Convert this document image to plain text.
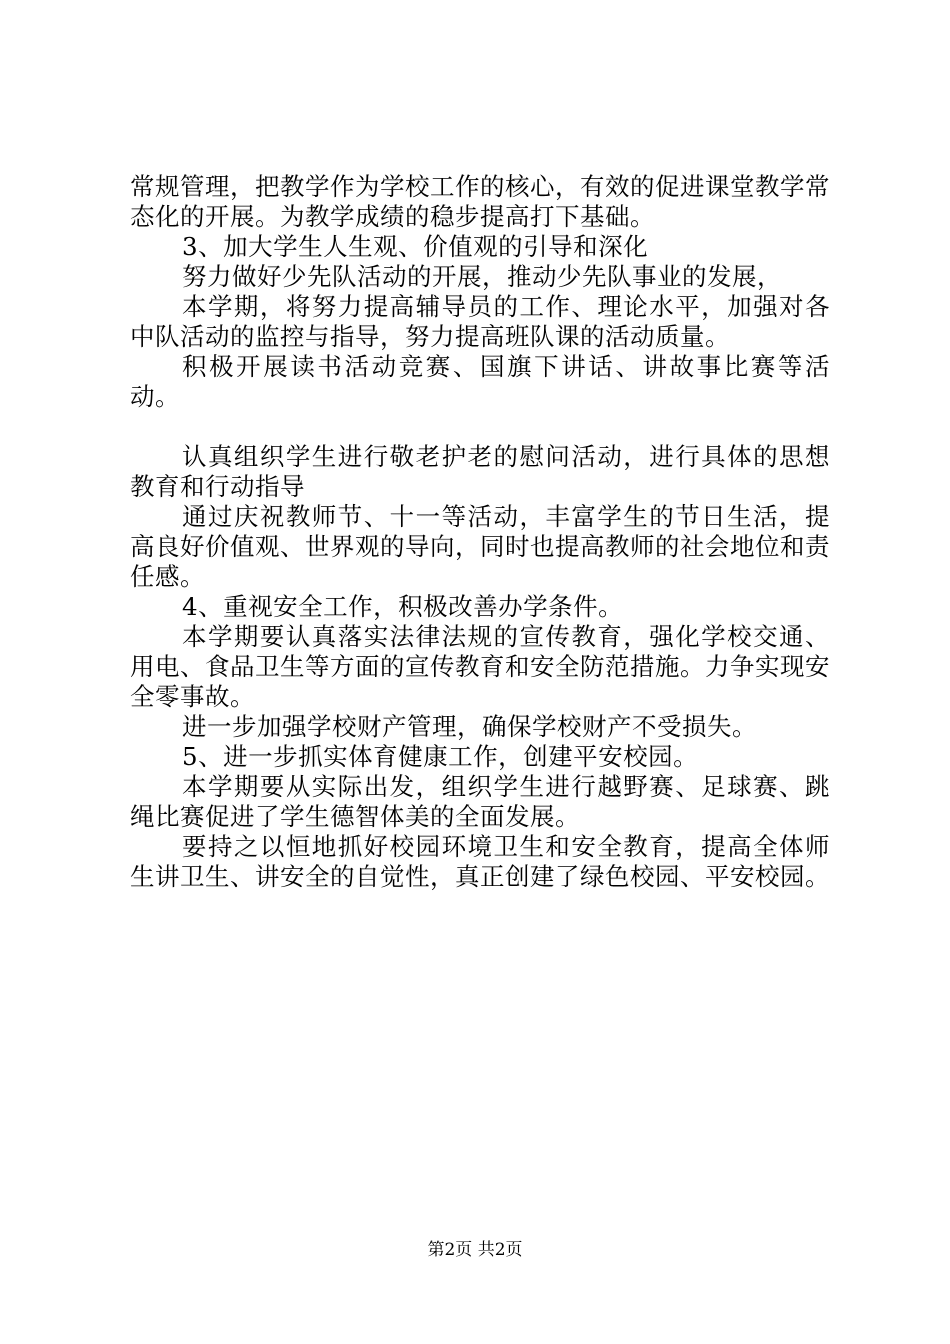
常规管理，把教学作为学校工作的核心，有效的促进课堂教学常态化的开展。为教学成绩的稳步提高打下基础。

3、加大学生人生观、价值观的引导和深化

努力做好少先队活动的开展，推动少先队事业的发展，

本学期，将努力提高辅导员的工作、理论水平，加强对各中队活动的监控与指导，努力提高班队课的活动质量。

积极开展读书活动竞赛、国旗下讲话、讲故事比赛等活动。

认真组织学生进行敬老护老的慰问活动，进行具体的思想教育和行动指导

通过庆祝教师节、十一等活动，丰富学生的节日生活，提高良好价值观、世界观的导向，同时也提高教师的社会地位和责任感。

4、重视安全工作，积极改善办学条件。

本学期要认真落实法律法规的宣传教育，强化学校交通、用电、食品卫生等方面的宣传教育和安全防范措施。力争实现安全零事故。

进一步加强学校财产管理，确保学校财产不受损失。

5、进一步抓实体育健康工作，创建平安校园。

本学期要从实际出发，组织学生进行越野赛、足球赛、跳绳比赛促进了学生德智体美的全面发展。

要持之以恒地抓好校园环境卫生和安全教育，提高全体师生讲卫生、讲安全的自觉性，真正创建了绿色校园、平安校园。

第2页 共2页
